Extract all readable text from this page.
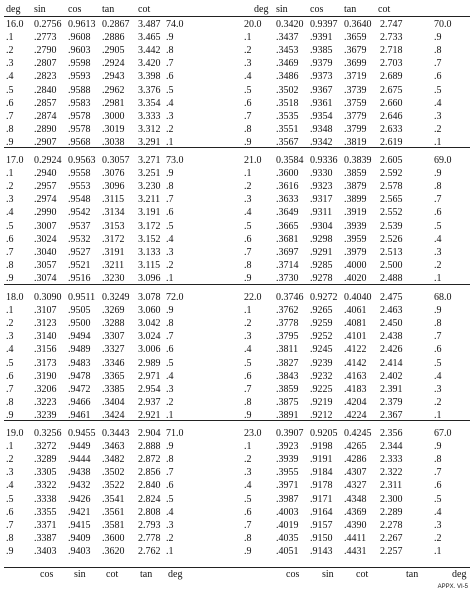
deg sin cos tan cot	deg sin cos tan cot
cos sin cot tan deg	cos sin cot	tan	deg
16.0 0.2756 0.9613 0.2867 3.487 74.0
.1 .2773 .9608 .2886 3.465 .9
.2 .2790 .9603 .2905 3.442 .8
.3 .2807 .9598 .2924 3.420 .7
.4 .2823 .9593 .2943 3.398 .6
.5 .2840 .9588 .2962 3.376 .5
.6 .2857 .9583 .2981 3.354 .4
.7 .2874 .9578 .3000 3.333 .3
.8 .2890 .9578 .3019 3.312 .2
.9 .2907 .9568 .3038 3.291 .1
17.0 0.2924 0.9563 0.3057 3.271 73.0
.1 .2940 .9558 .3076 3.251 .9
.2 .2957 .9553 .3096 3.230 .8
.3 .2974 .9548 .3115 3.211 .7
.4 .2990 .9542 .3134 3.191 .6
.5 .3007 .9537 .3153 3.172 .5
.6 .3024 .9532 .3172 3.152 .4
.7 .3040 .9527 .3191 3.133 .3
.8 .3057 .9521 .3211 3.115 .2
.9 .3074 .9516 .3230 3.096 .1
18.0 0.3090 0.9511 0.3249 3.078 72.0
.1 .3107 .9505 .3269 3.060 .9
.2 .3123 .9500 .3288 3.042 .8
.3 .3140 .9494 .3307 3.024 .7
.4 .3156 .9489 .3327 3.006 .6
.5 .3173 .9483 .3346 2.989 .5
.6 .3190 .9478 .3365 2.971 .4
.7 .3206 .9472 .3385 2.954 .3
.8 .3223 .9466 .3404 2.937 .2
.9 .3239 .9461 .3424 2.921 .1
19.0 0.3256 0.9455 0.3443 2.904 71.0
.1 .3272 .9449 .3463 2.888 .9
.2 .3289 .9444 .3482 2.872 .8
.3 .3305 .9438 .3502 2.856 .7
.4 .3322 .9432 .3522 2.840 .6
.5 .3338 .9426 .3541 2.824 .5
.6 .3355 .9421 .3561 2.808 .4
.7 .3371 .9415 .3581 2.793 .3
.8 .3387 .9409 .3600 2.778 .2
.9 .3403 .9403 .3620 2.762 .1
20.0 0.3420 0.9397 0.3640 2.747	70.0
.1 .3437 .9391 .3659 2.733	.9
.2 .3453 .9385 .3679 2.718	.8
.3 .3469 .9379 .3699 2.703	.7
.4 .3486 .9373 .3719 2.689	.6
.5 .3502 .9367 .3739 2.675	.5
.6 .3518 .9361 .3759 2.660	.4
.7 .3535 .9354 .3779 2.646	.3
.8 .3551 .9348 .3799 2.633	.2
.9 .3567 .9342 .3819 2.619	.1
21.0 0.3584 0.9336 0.3839 2.605	69.0
.1 .3600 .9330 .3859 2.592	.9
.2 .3616 .9323 .3879 2.578	.8
.3 .3633 .9317 .3899 2.565	.7
.4 .3649 .9311 .3919 2.552	.6
.5 .3665 .9304 .3939 2.539	.5
.6 .3681 .9298 .3959 2.526	.4
.7 .3697 .9291 .3979 2.513	.3
.8 .3714 .9285 .4000 2.500	.2
.9 .3730 .9278 .4020 2.488	.1
22.0 0.3746 0.9272 0.4040 2.475	68.0
.1 .3762 .9265 .4061 2.463	.9
.2 .3778 .9259 .4081 2.450	.8
.3 .3795 .9252 .4101 2.438	.7
.4 .3811 .9245 .4122 2.426	.6
.5 .3827 .9239 .4142 2.414	.5
.6 .3843 .9232 .4163 2.402	.4
.7 .3859 .9225 .4183 2.391	.3
.8 .3875 .9219 .4204 2.379	.2
.9 .3891 .9212 .4224 2.367	.1
23.0 0.3907 0.9205 0.4245 2.356	67.0
.1 .3923 .9198 .4265 2.344	.9
.2 .3939 .9191 .4286 2.333	.8
.3 .3955 .9184 .4307 2.322	.7
.4 .3971 .9178 .4327 2.311	.6
.5 .3987 .9171 .4348 2.300	.5
.6 .4003 .9164 .4369 2.289	.4
.7 .4019 .9157 .4390 2.278	.3
.8 .4035 .9150 .4411 2.267	.2
.9 .4051 .9143 .4431 2.257	.1
APPX. VI-5
